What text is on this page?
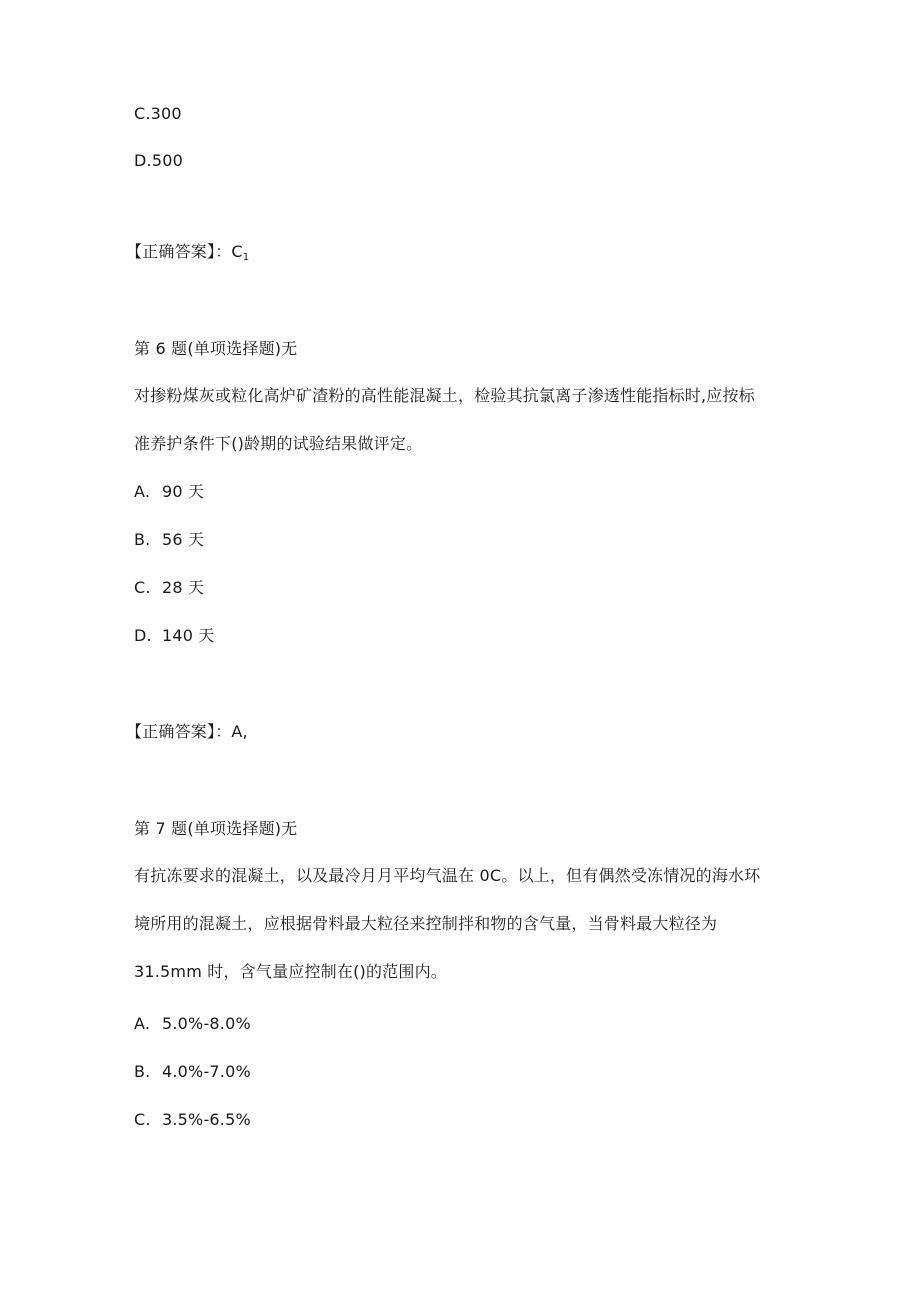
C.300
D.500
【正确答案】：$C_1$
第 6 题(单项选择题)无
对掺粉煤灰或粒化高炉矿渣粉的高性能混凝土，检验其抗氯离子渗透性能指标时,应按标
准养护条件下()龄期的试验结果做评定。
A. 90 天
B. 56 天
C. 28 天
D. 140 天
【正确答案】：A,
第 7 题(单项选择题)无
有抗冻要求的混凝土，以及最冷月月平均气温在 0C。以上，但有偶然受冻情况的海水环
境所用的混凝土，应根据骨料最大粒径来控制拌和物的含气量，当骨料最大粒径为
31.5mm 时，含气量应控制在()的范围内。
A. 5.0%-8.0%
B. 4.0%-7.0%
C. 3.5%-6.5%
